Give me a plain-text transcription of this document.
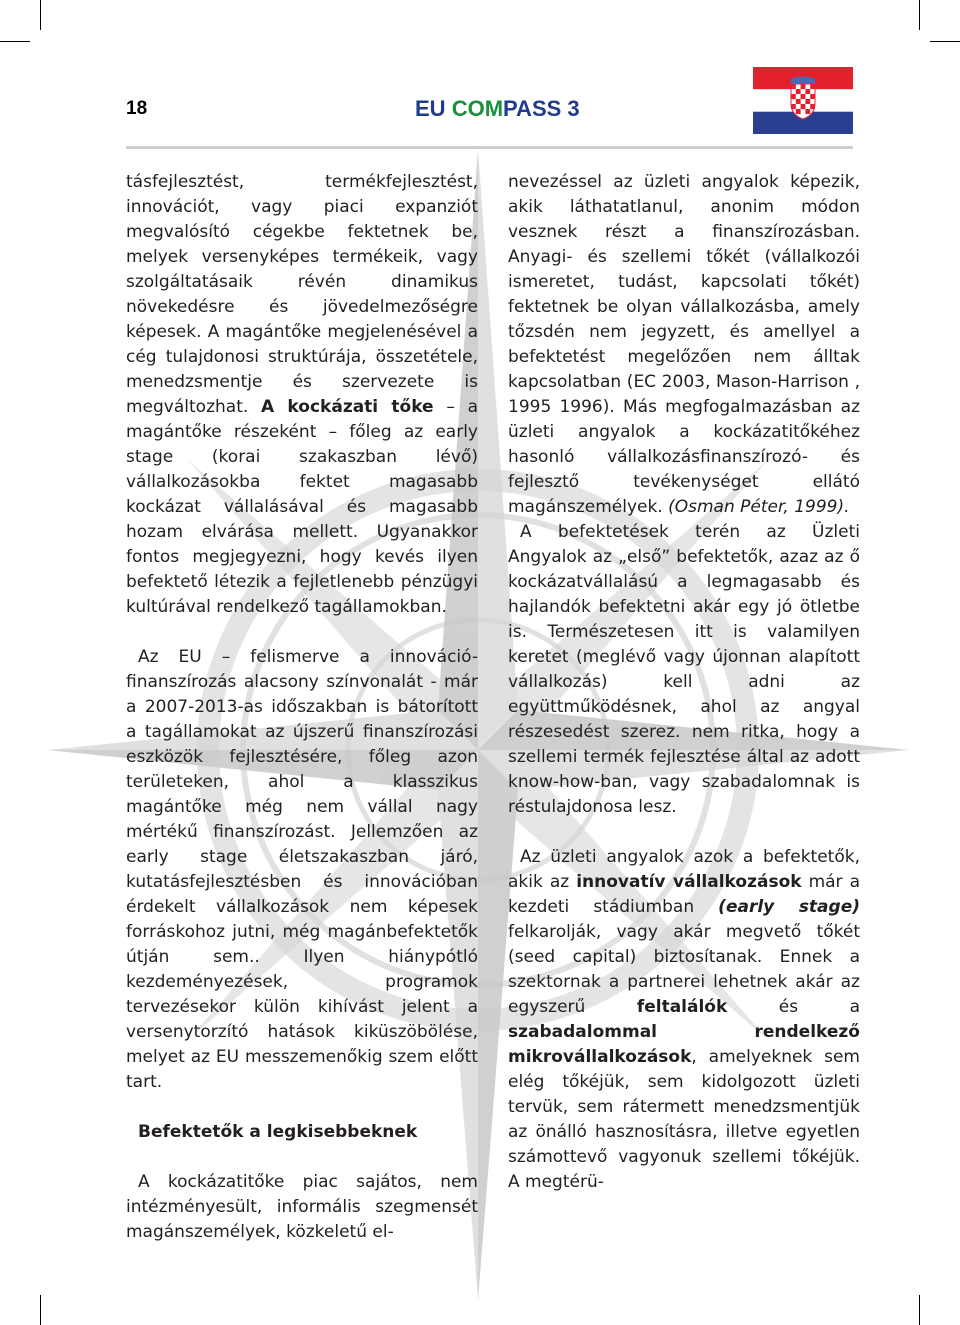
18	EU COMPASS 3

tásfejlesztést, termékfejlesztést, innovációt, vagy piaci expanziót megvalósító cégekbe fektetnek be, melyek versenyképes termékeik, vagy szolgáltatásaik révén dinamikus növekedésre és jövedelmezőségre képesek. A magántőke megjelenésével a cég tulajdonosi struktúrája, összetétele, menedzsmentje és szervezete is megváltozhat. A kockázati tőke – a magántőke részeként – főleg az early stage (korai szakaszban lévő) vállalkozásokba fektet magasabb kockázat vállalásával és magasabb hozam elvárása mellett. Ugyanakkor fontos megjegyezni, hogy kevés ilyen befektető létezik a fejletlenebb pénzügyi kultúrával rendelkező tagállamokban.

Az EU – felismerve a innováció-finanszírozás alacsony színvonalát - már a 2007-2013-as időszakban is bátorított a tagállamokat az újszerű finanszírozási eszközök fejlesztésére, főleg azon területeken, ahol a klasszikus magántőke még nem vállal nagy mértékű finanszírozást. Jellemzően az early stage életszakaszban járó, kutatásfejlesztésben és innovációban érdekelt vállalkozások nem képesek forráskohoz jutni, még magánbefektetők útján sem.. Ilyen hiánypótló kezdeményezések, programok tervezésekor külön kihívást jelent a versenytorzító hatások kiküszöbölése, melyet az EU messzemenőkig szem előtt tart.

Befektetők a legkisebbeknek

A kockázatitőke piac sajátos, nem intézményesült, informális szegmensét magánszemélyek, közkeletű el-

nevezéssel az üzleti angyalok képezik, akik láthatatlanul, anonim módon vesznek részt a finanszírozásban. Anyagi- és szellemi tőkét (vállalkozói ismeretet, tudást, kapcsolati tőkét) fektetnek be olyan vállalkozásba, amely tőzsdén nem jegyzett, és amellyel a befektetést megelőzően nem álltak kapcsolatban (EC 2003, Mason-Harrison , 1995 1996). Más megfogalmazásban az üzleti angyalok a kockázatitőkéhez hasonló vállalkozásfinanszírozó- és fejlesztő tevékenységet ellátó magánszemélyek. (Osman Péter, 1999).

A befektetések terén az Üzleti Angyalok az „első” befektetők, azaz az ő kockázatvállalású a legmagasabb és hajlandók befektetni akár egy jó ötletbe is. Természetesen itt is valamilyen keretet (meglévő vagy újonnan alapított vállalkozás) kell adni az együttműködésnek, ahol az angyal részesedést szerez. nem ritka, hogy a szellemi termék fejlesztése által az adott know-how-ban, vagy szabadalomnak is réstulajdonosa lesz.

Az üzleti angyalok azok a befektetők, akik az innovatív vállalkozások már a kezdeti stádiumban (early stage) felkarolják, vagy akár megvető tőkét (seed capital) biztosítanak. Ennek a szektornak a partnerei lehetnek akár az egyszerű feltalálók és a szabadalommal rendelkező mikrovállalkozások, amelyeknek sem elég tőkéjük, sem kidolgozott üzleti tervük, sem rátermett menedzsmentjük az önálló hasznosításra, illetve egyetlen számottevő vagyonuk szellemi tőkéjük. A megtérü-
